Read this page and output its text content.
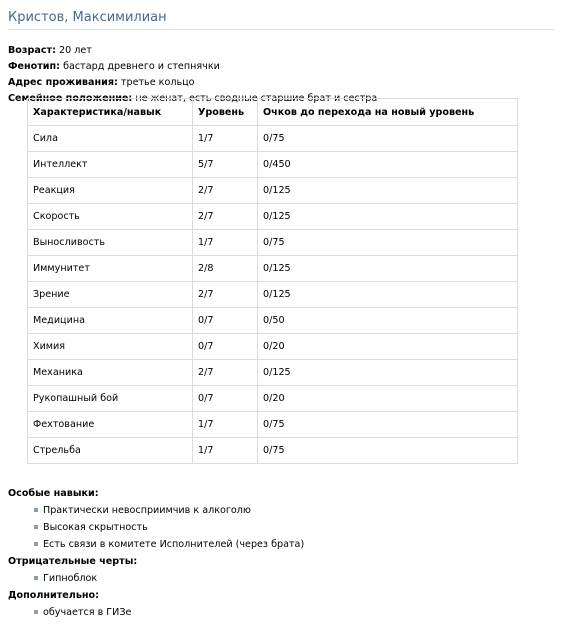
Кристов, Максимилиан
Возраст: 20 лет
Фенотип: бастард древнего и степнячки
Адрес проживания: третье кольцо
Семейное положение: не женат, есть сводные старшие брат и сестра
Характеристика/навык	Уровень	Очков до перехода на новый уровень
Сила	1/7	0/75
Интеллект	5/7	0/450
Реакция	2/7	0/125
Скорость	2/7	0/125
Выносливость	1/7	0/75
Иммунитет	2/8	0/125
Зрение	2/7	0/125
Медицина	0/7	0/50
Химия	0/7	0/20
Механика	2/7	0/125
Рукопашный бой	0/7	0/20
Фехтование	1/7	0/75
Стрельба	1/7	0/75
Особые навыки:
Практически невосприимчив к алкоголю
Высокая скрытность
Есть связи в комитете Исполнителей (через брата)
Отрицательные черты:
Гипноблок
Дополнительно:
обучается в ГИЗе
